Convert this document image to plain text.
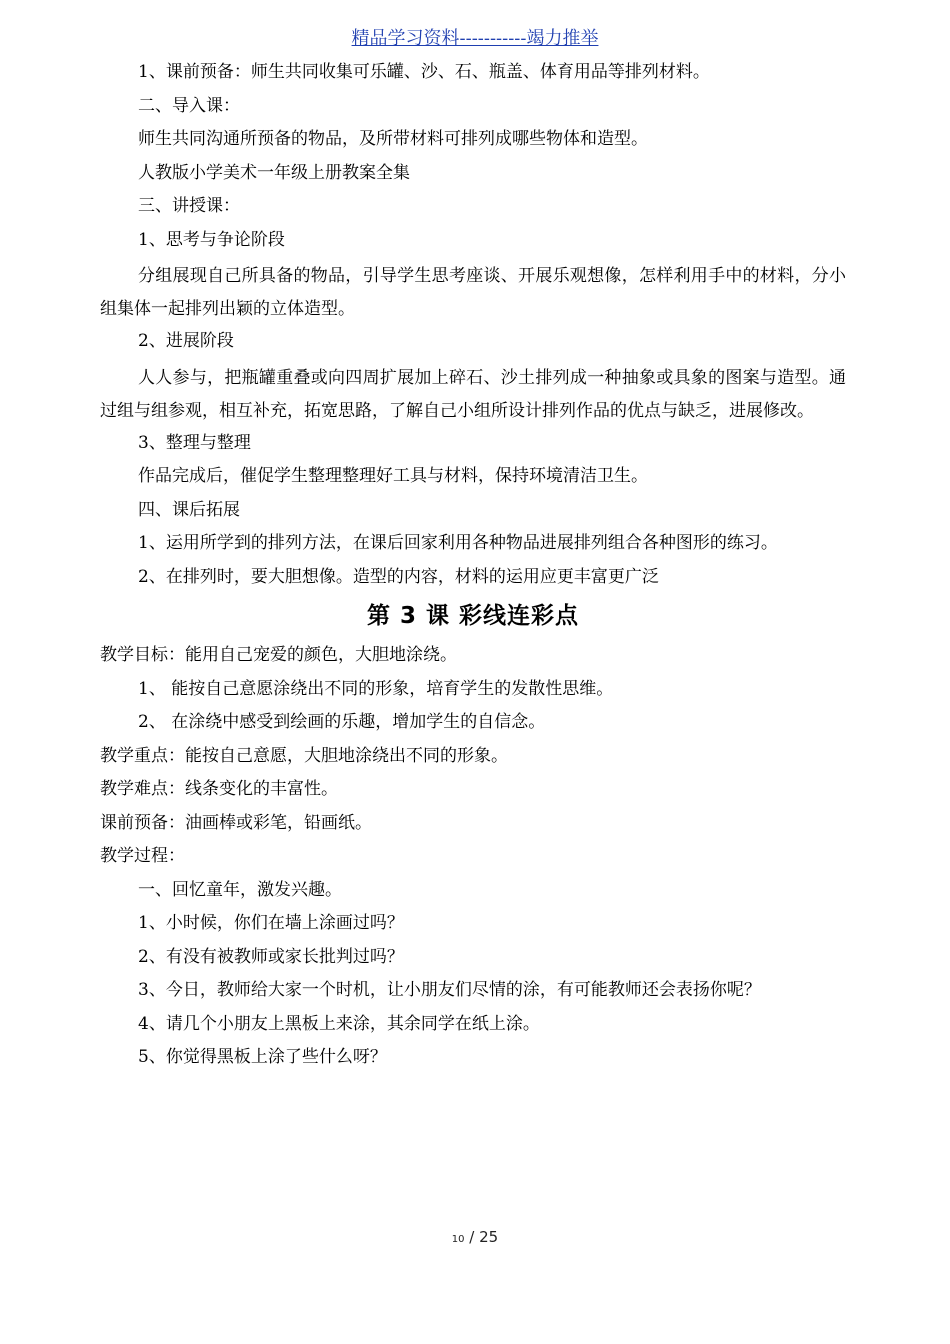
精品学习资料-----------竭力推举
1、课前预备：师生共同收集可乐罐、沙、石、瓶盖、体育用品等排列材料。
二、导入课：
师生共同沟通所预备的物品，及所带材料可排列成哪些物体和造型。
人教版小学美术一年级上册教案全集
三、讲授课：
1、思考与争论阶段
分组展现自己所具备的物品，引导学生思考座谈、开展乐观想像，怎样利用手中的材料，分小组集体一起排列出颖的立体造型。
2、进展阶段
人人参与，把瓶罐重叠或向四周扩展加上碎石、沙土排列成一种抽象或具象的图案与造型。通过组与组参观，相互补充，拓宽思路，了解自己小组所设计排列作品的优点与缺乏，进展修改。
3、整理与整理
作品完成后，催促学生整理整理好工具与材料，保持环境清洁卫生。
四、课后拓展
1、运用所学到的排列方法，在课后回家利用各种物品进展排列组合各种图形的练习。
2、在排列时，要大胆想像。造型的内容，材料的运用应更丰富更广泛
第 3 课 彩线连彩点
教学目标：能用自己宠爱的颜色，大胆地涂绕。
1、 能按自己意愿涂绕出不同的形象，培育学生的发散性思维。
2、 在涂绕中感受到绘画的乐趣，增加学生的自信念。
教学重点：能按自己意愿，大胆地涂绕出不同的形象。
教学难点：线条变化的丰富性。
课前预备：油画棒或彩笔，铅画纸。
教学过程：
一、回忆童年，激发兴趣。
1、小时候，你们在墙上涂画过吗？
2、有没有被教师或家长批判过吗？
3、今日，教师给大家一个时机，让小朋友们尽情的涂，有可能教师还会表扬你呢？
4、请几个小朋友上黑板上来涂，其余同学在纸上涂。
5、你觉得黑板上涂了些什么呀？
10 / 25
